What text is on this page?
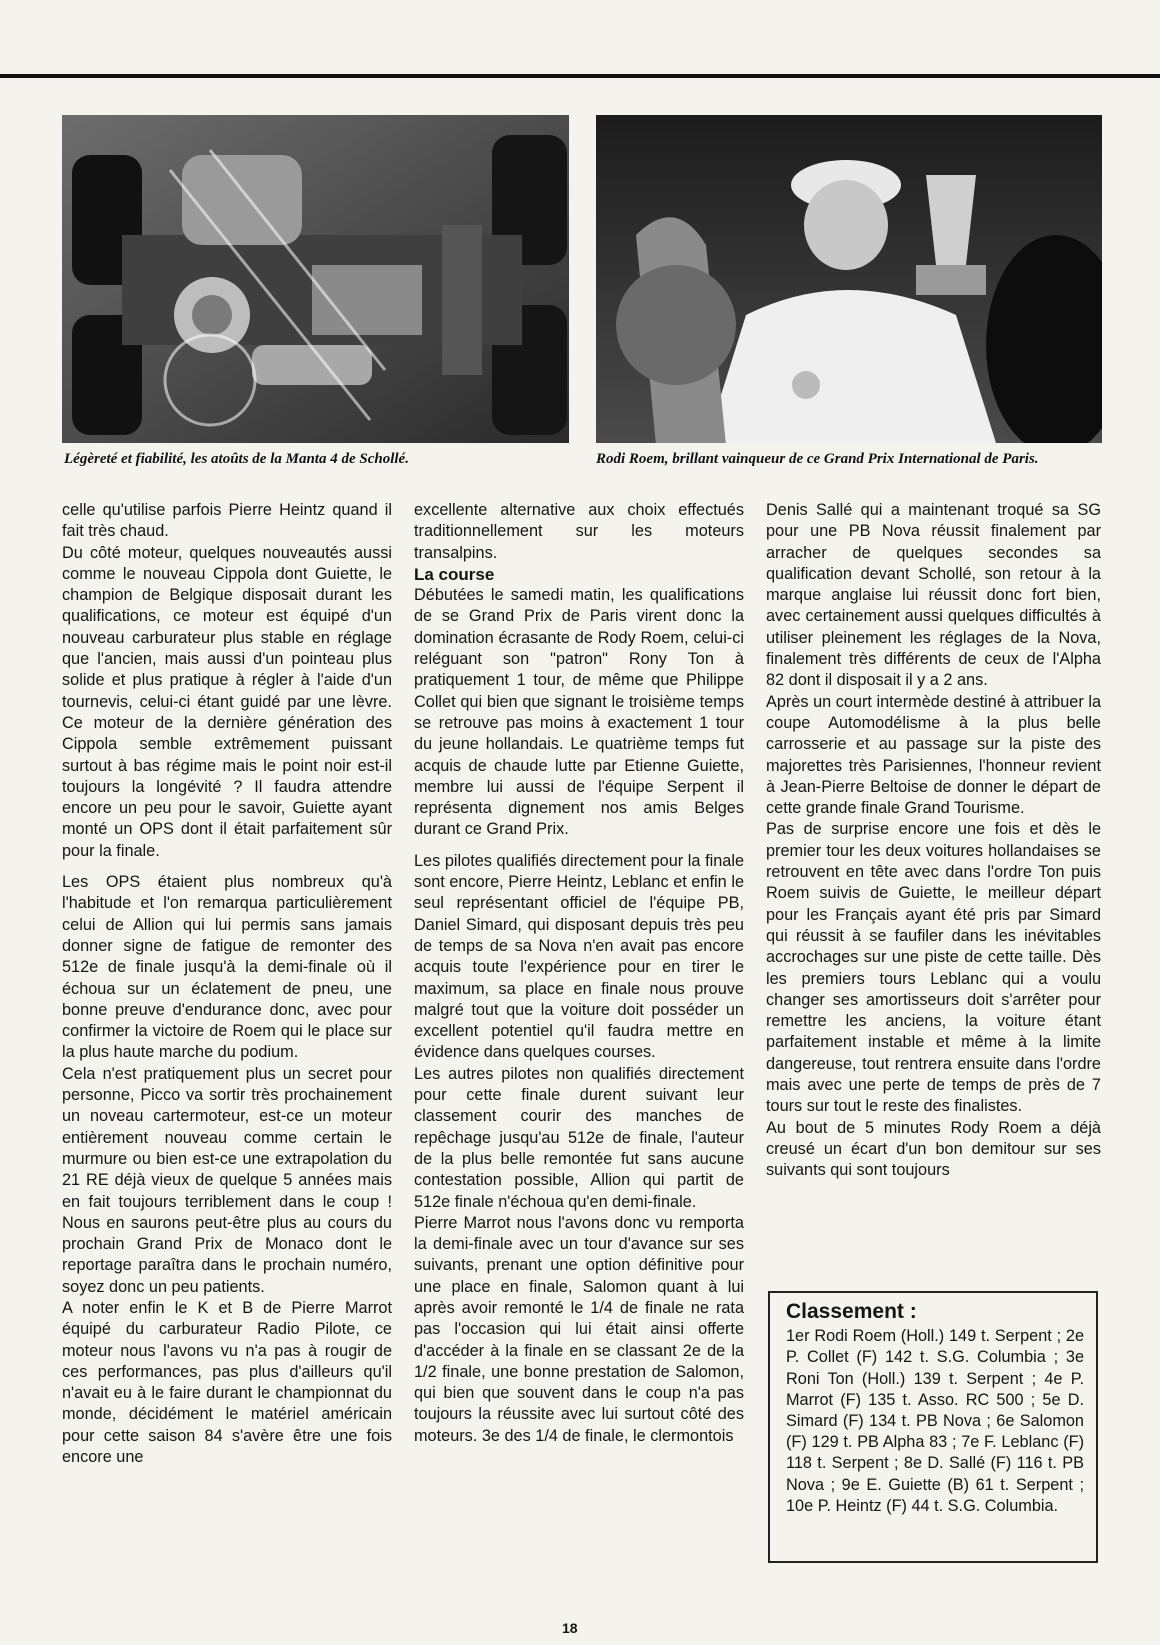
Légèreté et fiabilité, les atoûts de la Manta 4 de Schollé.	Rodi Roem, brillant vainqueur de ce Grand Prix International de Paris.

celle qu'utilise parfois Pierre Heintz quand il fait très chaud.

Du côté moteur, quelques nouveautés aussi comme le nouveau Cippola dont Guiette, le champion de Belgique disposait durant les qualifications, ce moteur est équipé d'un nouveau carburateur plus stable en réglage que l'ancien, mais aussi d'un pointeau plus solide et plus pratique à régler à l'aide d'un tournevis, celui-ci étant guidé par une lèvre. Ce moteur de la dernière génération des Cippola semble extrêmement puissant surtout à bas régime mais le point noir est-il toujours la longévité ? Il faudra attendre encore un peu pour le savoir, Guiette ayant monté un OPS dont il était parfaitement sûr pour la finale.

Les OPS étaient plus nombreux qu'à l'habitude et l'on remarqua particulièrement celui de Allion qui lui permis sans jamais donner signe de fatigue de remonter des 512e de finale jusqu'à la demi-finale où il échoua sur un éclatement de pneu, une bonne preuve d'endurance donc, avec pour confirmer la victoire de Roem qui le place sur la plus haute marche du podium.

Cela n'est pratiquement plus un secret pour personne, Picco va sortir très prochainement un noveau cartermoteur, est-ce un moteur entièrement nouveau comme certain le murmure ou bien est-ce une extrapolation du 21 RE déjà vieux de quelque 5 années mais en fait toujours terriblement dans le coup ! Nous en saurons peut-être plus au cours du prochain Grand Prix de Monaco dont le reportage paraîtra dans le prochain numéro, soyez donc un peu patients.

A noter enfin le K et B de Pierre Marrot équipé du carburateur Radio Pilote, ce moteur nous l'avons vu n'a pas à rougir de ces performances, pas plus d'ailleurs qu'il n'avait eu à le faire durant le championnat du monde, décidément le matériel américain pour cette saison 84 s'avère être une fois encore une

excellente alternative aux choix effectués traditionnellement sur les moteurs transalpins.

La course

Débutées le samedi matin, les qualifications de se Grand Prix de Paris virent donc la domination écrasante de Rody Roem, celui-ci reléguant son "patron" Rony Ton à pratiquement 1 tour, de même que Philippe Collet qui bien que signant le troisième temps se retrouve pas moins à exactement 1 tour du jeune hollandais. Le quatrième temps fut acquis de chaude lutte par Etienne Guiette, membre lui aussi de l'équipe Serpent il représenta dignement nos amis Belges durant ce Grand Prix.

Les pilotes qualifiés directement pour la finale sont encore, Pierre Heintz, Leblanc et enfin le seul représentant officiel de l'équipe PB, Daniel Simard, qui disposant depuis très peu de temps de sa Nova n'en avait pas encore acquis toute l'expérience pour en tirer le maximum, sa place en finale nous prouve malgré tout que la voiture doit posséder un excellent potentiel qu'il faudra mettre en évidence dans quelques courses.

Les autres pilotes non qualifiés directement pour cette finale durent suivant leur classement courir des manches de repêchage jusqu'au 512e de finale, l'auteur de la plus belle remontée fut sans aucune contestation possible, Allion qui partit de 512e finale n'échoua qu'en demi-finale.

Pierre Marrot nous l'avons donc vu remporta la demi-finale avec un tour d'avance sur ses suivants, prenant une option définitive pour une place en finale, Salomon quant à lui après avoir remonté le 1/4 de finale ne rata pas l'occasion qui lui était ainsi offerte d'accéder à la finale en se classant 2e de la 1/2 finale, une bonne prestation de Salomon, qui bien que souvent dans le coup n'a pas toujours la réussite avec lui surtout côté des moteurs. 3e des 1/4 de finale, le clermontois

Denis Sallé qui a maintenant troqué sa SG pour une PB Nova réussit finalement par arracher de quelques secondes sa qualification devant Schollé, son retour à la marque anglaise lui réussit donc fort bien, avec certainement aussi quelques difficultés à utiliser pleinement les réglages de la Nova, finalement très différents de ceux de l'Alpha 82 dont il disposait il y a 2 ans.

Après un court intermède destiné à attribuer la coupe Automodélisme à la plus belle carrosserie et au passage sur la piste des majorettes très Parisiennes, l'honneur revient à Jean-Pierre Beltoise de donner le départ de cette grande finale Grand Tourisme.

Pas de surprise encore une fois et dès le premier tour les deux voitures hollandaises se retrouvent en tête avec dans l'ordre Ton puis Roem suivis de Guiette, le meilleur départ pour les Français ayant été pris par Simard qui réussit à se faufiler dans les inévitables accrochages sur une piste de cette taille. Dès les premiers tours Leblanc qui a voulu changer ses amortisseurs doit s'arrêter pour remettre les anciens, la voiture étant parfaitement instable et même à la limite dangereuse, tout rentrera ensuite dans l'ordre mais avec une perte de temps de près de 7 tours sur tout le reste des finalistes.

Au bout de 5 minutes Rody Roem a déjà creusé un écart d'un bon demitour sur ses suivants qui sont toujours

Classement :

1er Rodi Roem (Holl.) 149 t. Serpent ; 2e P. Collet (F) 142 t. S.G. Columbia ; 3e Roni Ton (Holl.) 139 t. Serpent ; 4e P. Marrot (F) 135 t. Asso. RC 500 ; 5e D. Simard (F) 134 t. PB Nova ; 6e Salomon (F) 129 t. PB Alpha 83 ; 7e F. Leblanc (F) 118 t. Serpent ; 8e D. Sallé (F) 116 t. PB Nova ; 9e E. Guiette (B) 61 t. Serpent ; 10e P. Heintz (F) 44 t. S.G. Columbia.

18
